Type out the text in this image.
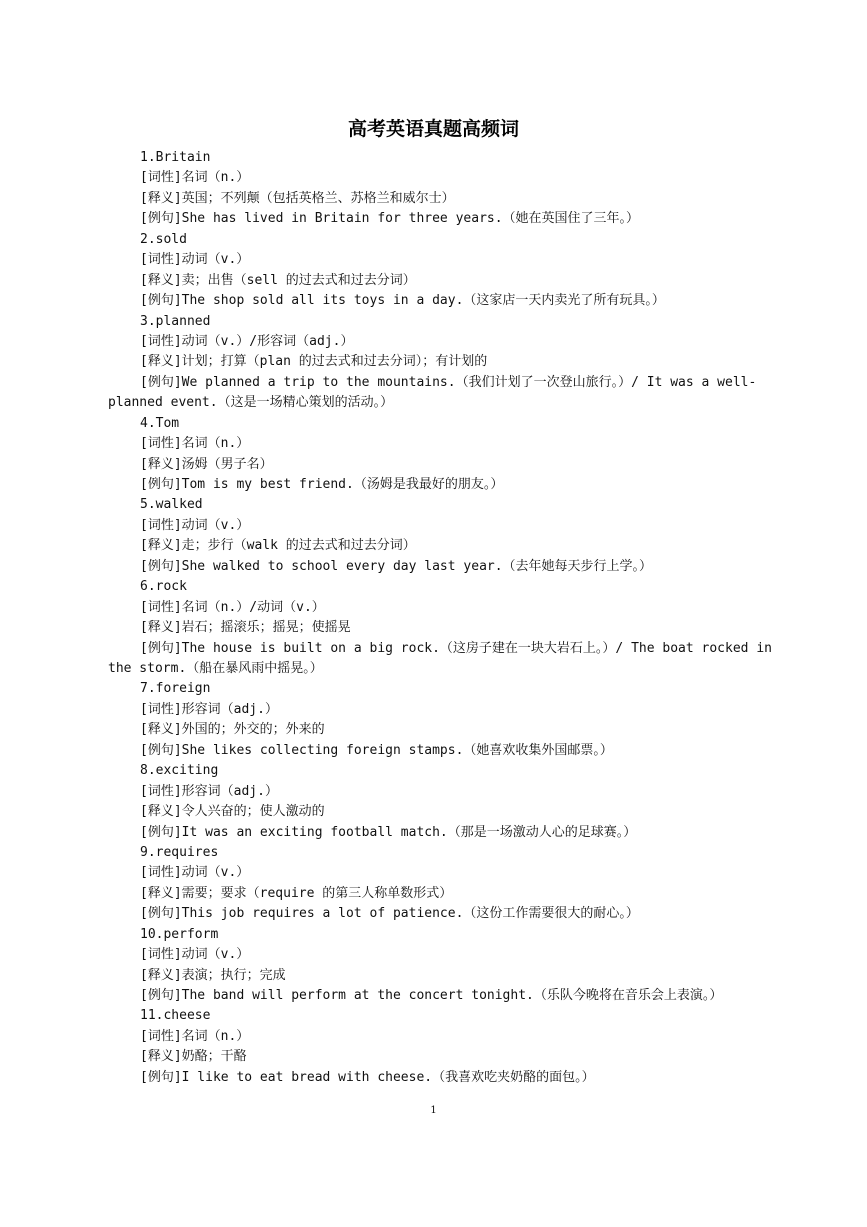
高考英语真题高频词
1.Britain
[词性]名词（n.）
[释义]英国；不列颠（包括英格兰、苏格兰和威尔士）
[例句]She has lived in Britain for three years.（她在英国住了三年。）
2.sold
[词性]动词（v.）
[释义]卖；出售（sell 的过去式和过去分词）
[例句]The shop sold all its toys in a day.（这家店一天内卖光了所有玩具。）
3.planned
[词性]动词（v.）/形容词（adj.）
[释义]计划；打算（plan 的过去式和过去分词）；有计划的
[例句]We planned a trip to the mountains.（我们计划了一次登山旅行。）/ It was a well-planned event.（这是一场精心策划的活动。）
4.Tom
[词性]名词（n.）
[释义]汤姆（男子名）
[例句]Tom is my best friend.（汤姆是我最好的朋友。）
5.walked
[词性]动词（v.）
[释义]走；步行（walk 的过去式和过去分词）
[例句]She walked to school every day last year.（去年她每天步行上学。）
6.rock
[词性]名词（n.）/动词（v.）
[释义]岩石；摇滚乐；摇晃；使摇晃
[例句]The house is built on a big rock.（这房子建在一块大岩石上。）/ The boat rocked in the storm.（船在暴风雨中摇晃。）
7.foreign
[词性]形容词（adj.）
[释义]外国的；外交的；外来的
[例句]She likes collecting foreign stamps.（她喜欢收集外国邮票。）
8.exciting
[词性]形容词（adj.）
[释义]令人兴奋的；使人激动的
[例句]It was an exciting football match.（那是一场激动人心的足球赛。）
9.requires
[词性]动词（v.）
[释义]需要；要求（require 的第三人称单数形式）
[例句]This job requires a lot of patience.（这份工作需要很大的耐心。）
10.perform
[词性]动词（v.）
[释义]表演；执行；完成
[例句]The band will perform at the concert tonight.（乐队今晚将在音乐会上表演。）
11.cheese
[词性]名词（n.）
[释义]奶酪；干酪
[例句]I like to eat bread with cheese.（我喜欢吃夹奶酪的面包。）
1
